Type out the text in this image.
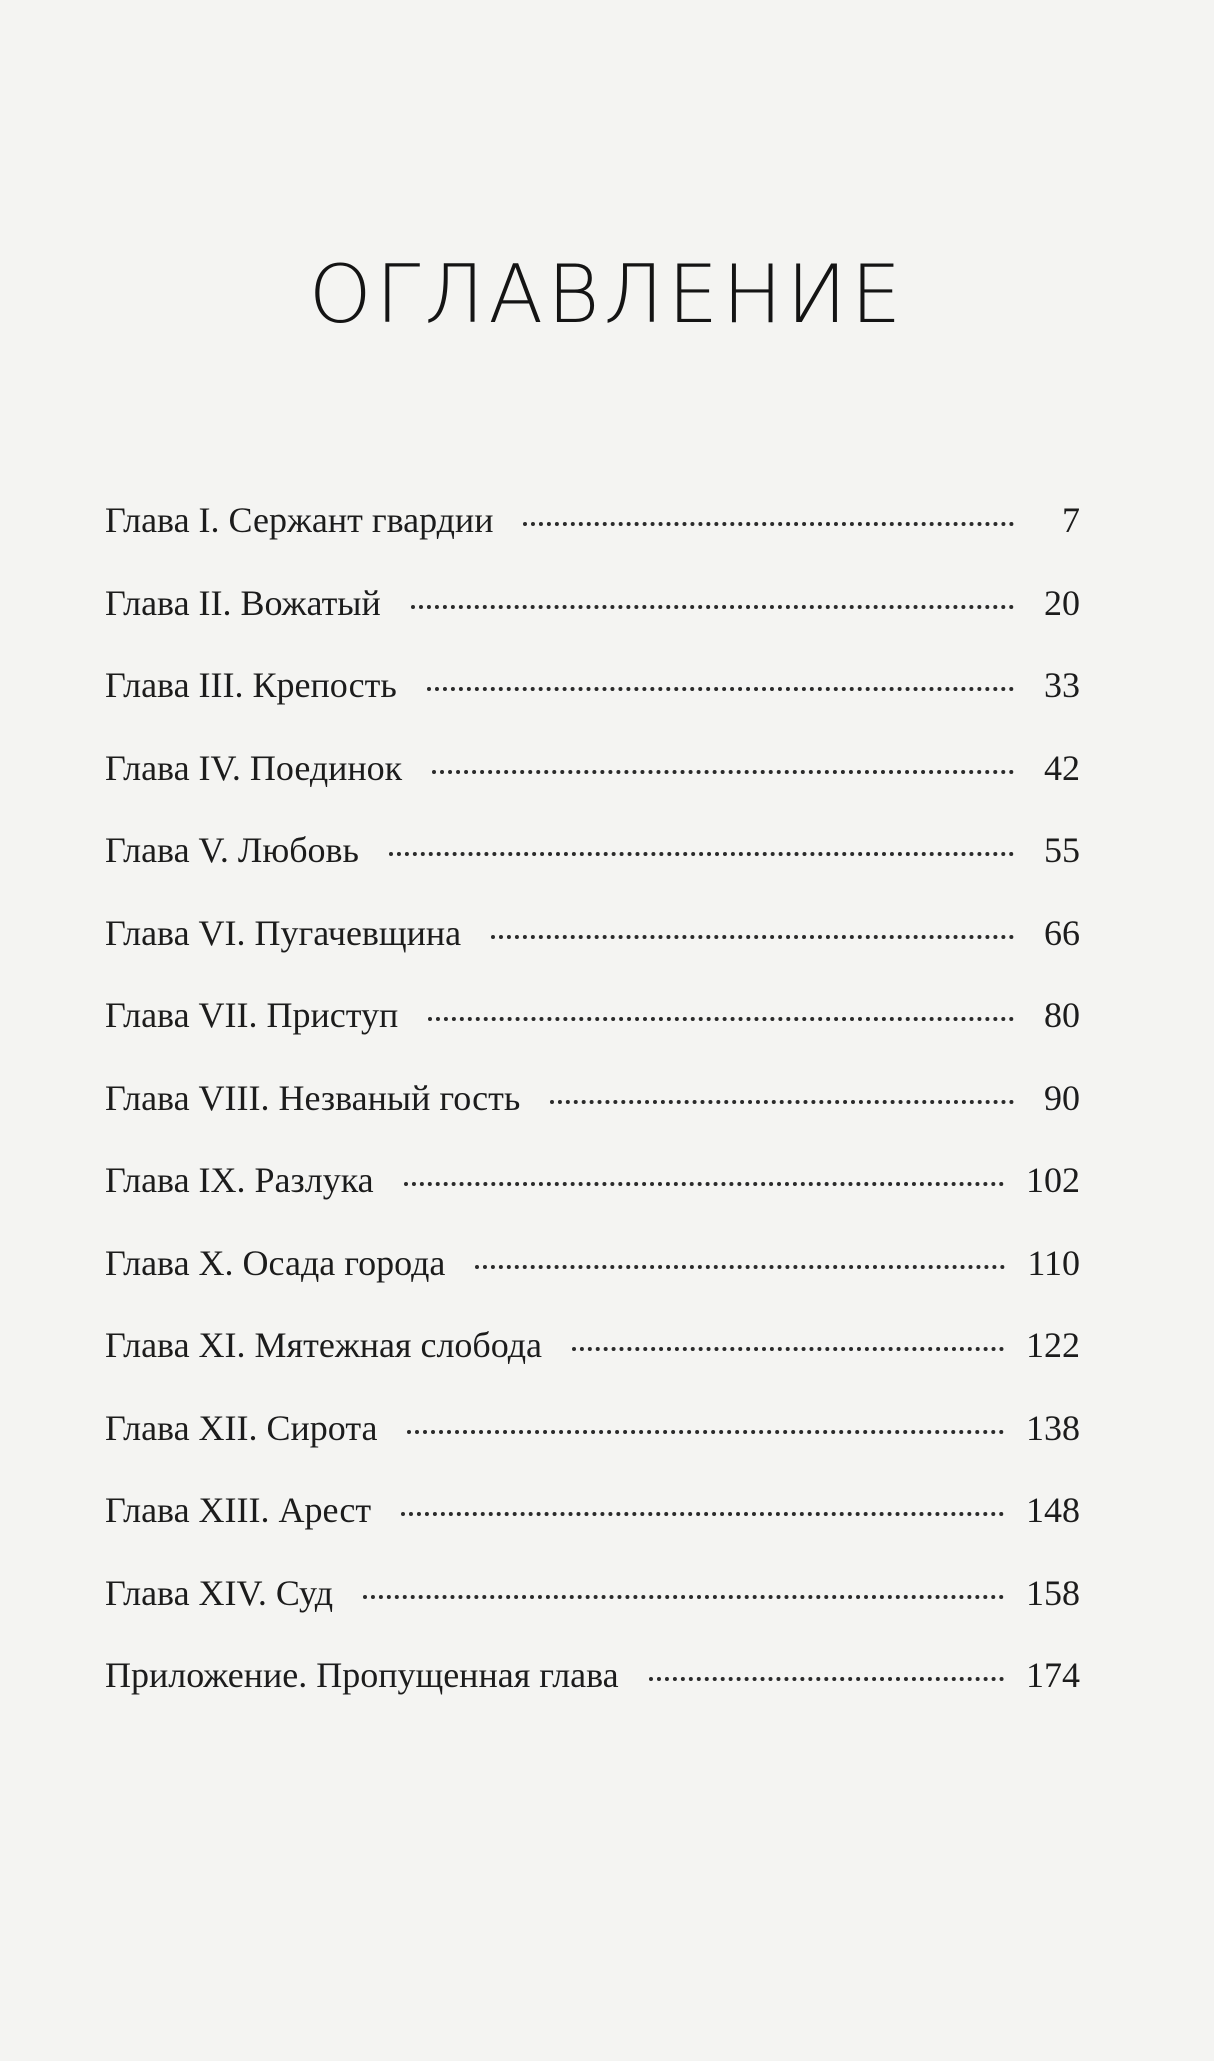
ОГЛАВЛЕНИЕ
Глава I. Сержант гвардии	7
Глава II. Вожатый	20
Глава III. Крепость	33
Глава IV. Поединок	42
Глава V. Любовь	55
Глава VI. Пугачевщина	66
Глава VII. Приступ	80
Глава VIII. Незваный гость	90
Глава IX. Разлука	102
Глава X. Осада города	110
Глава XI. Мятежная слобода	122
Глава XII. Сирота	138
Глава XIII. Арест	148
Глава XIV. Суд	158
Приложение. Пропущенная глава	174
